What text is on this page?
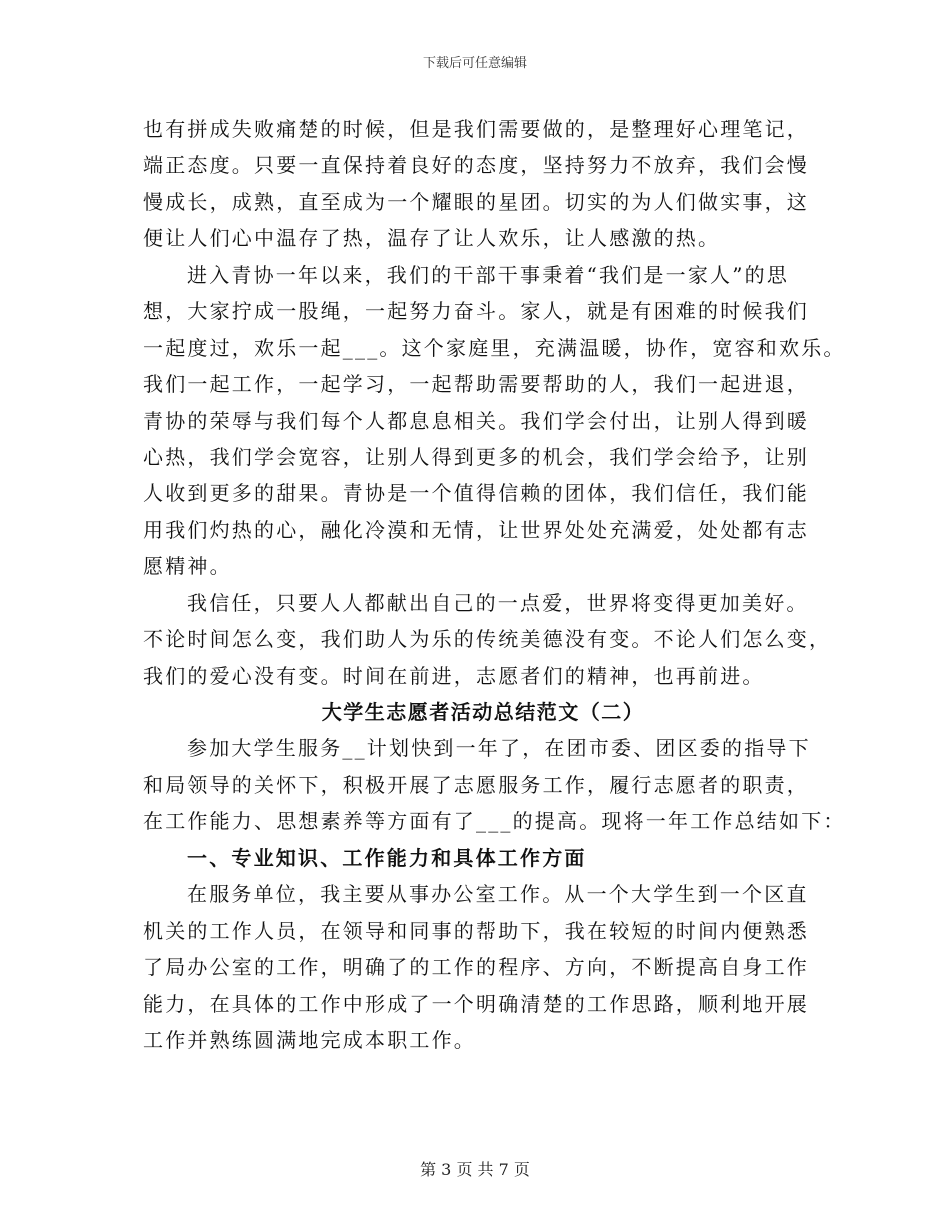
下载后可任意编辑
也有拼成失败痛楚的时候，但是我们需要做的，是整理好心理笔记，
端正态度。只要一直保持着良好的态度，坚持努力不放弃，我们会慢
慢成长，成熟，直至成为一个耀眼的星团。切实的为人们做实事，这
便让人们心中温存了热，温存了让人欢乐，让人感激的热。
进入青协一年以来，我们的干部干事秉着“我们是一家人”的思
想，大家拧成一股绳，一起努力奋斗。家人，就是有困难的时候我们
一起度过，欢乐一起___。这个家庭里，充满温暖，协作，宽容和欢乐。
我们一起工作，一起学习，一起帮助需要帮助的人，我们一起进退，
青协的荣辱与我们每个人都息息相关。我们学会付出，让别人得到暖
心热，我们学会宽容，让别人得到更多的机会，我们学会给予，让别
人收到更多的甜果。青协是一个值得信赖的团体，我们信任，我们能
用我们灼热的心，融化冷漠和无情，让世界处处充满爱，处处都有志
愿精神。
我信任，只要人人都献出自己的一点爱，世界将变得更加美好。
不论时间怎么变，我们助人为乐的传统美德没有变。不论人们怎么变，
我们的爱心没有变。时间在前进，志愿者们的精神，也再前进。
大学生志愿者活动总结范文（二）
参加大学生服务__计划快到一年了，在团市委、团区委的指导下
和局领导的关怀下，积极开展了志愿服务工作，履行志愿者的职责，
在工作能力、思想素养等方面有了___的提高。现将一年工作总结如下：
一、专业知识、工作能力和具体工作方面
在服务单位，我主要从事办公室工作。从一个大学生到一个区直
机关的工作人员，在领导和同事的帮助下，我在较短的时间内便熟悉
了局办公室的工作，明确了的工作的程序、方向，不断提高自身工作
能力，在具体的工作中形成了一个明确清楚的工作思路，顺利地开展
工作并熟练圆满地完成本职工作。
第 3 页 共 7 页
